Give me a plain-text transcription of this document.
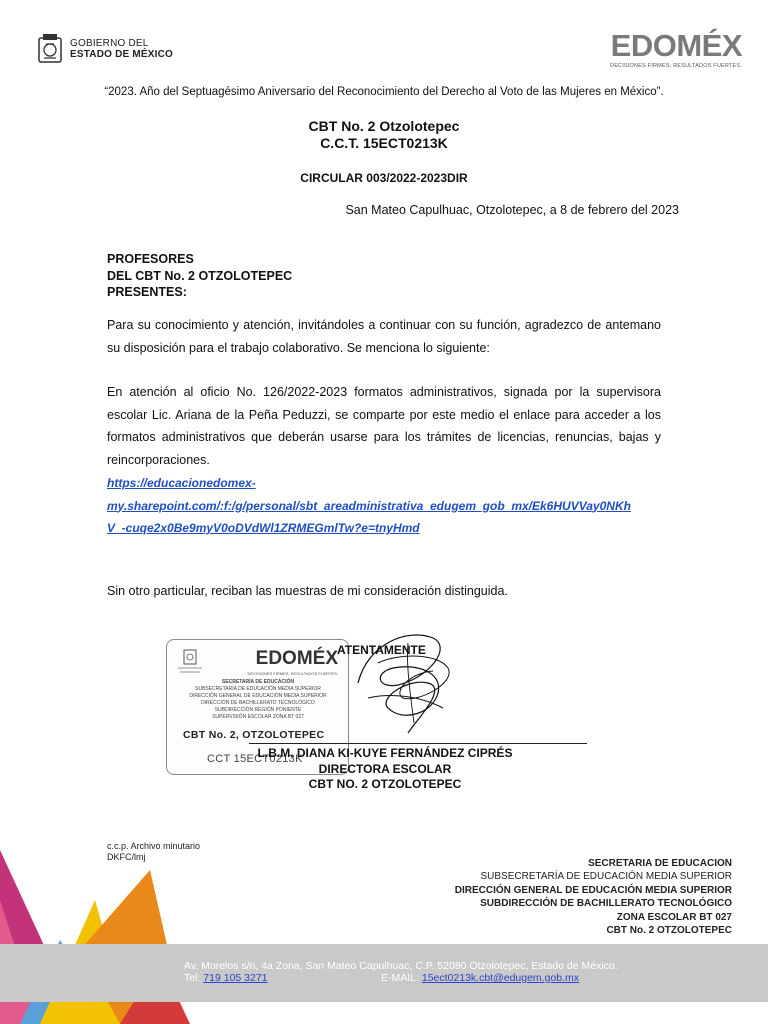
GOBIERNO DEL
ESTADO DE MÉXICO	EDOMÉX
DECISIONES FIRMES, RESULTADOS FUERTES.
“2023. Año del Septuagésimo Aniversario del Reconocimiento del Derecho al Voto de las Mujeres en México”.
CBT No. 2 Otzolotepec
C.C.T. 15ECT0213K
CIRCULAR 003/2022-2023DIR
San Mateo Capulhuac, Otzolotepec, a 8 de febrero del 2023
PROFESORES
DEL CBT No. 2 OTZOLOTEPEC
PRESENTES:
Para su conocimiento y atención, invitándoles a continuar con su función, agradezco de antemano su disposición para el trabajo colaborativo. Se menciona lo siguiente:
En atención al oficio No. 126/2022-2023 formatos administrativos, signada por la supervisora escolar Lic. Ariana de la Peña Peduzzi, se comparte por este medio el enlace para acceder a los formatos administrativos que deberán usarse para los trámites de licencias, renuncias, bajas y reincorporaciones.
https://educacionedomex-
my.sharepoint.com/:f:/g/personal/sbt_areadministrativa_edugem_gob_mx/Ek6HUVVay0NKh
V_-cuqe2x0Be9myV0oDVdWl1ZRMEGmlTw?e=tnyHmd
Sin otro particular, reciban las muestras de mi consideración distinguida.
EDOMÉX
DECISIONES FIRMES, RESULTADOS FUERTES.
SECRETARÍA DE EDUCACIÓN
SUBSECRETARÍA DE EDUCACIÓN MEDIA SUPERIOR
DIRECCIÓN GENERAL DE EDUCACIÓN MEDIA SUPERIOR
DIRECCIÓN DE BACHILLERATO TECNOLÓGICO
SUBDIRECCIÓN REGIÓN PONIENTE
SUPERVISIÓN ESCOLAR ZONA BT 027
CBT No. 2, OTZOLOTEPEC
CCT 15ECT0213K
ATENTAMENTE
L.B.M. DIANA KI-KUYE FERNÁNDEZ CIPRÉS
DIRECTORA ESCOLAR
CBT NO. 2 OTZOLOTEPEC
c.c.p. Archivo minutario
DKFC/lmj
SECRETARIA DE EDUCACION
SUBSECRETARÍA DE EDUCACIÓN MEDIA SUPERIOR
DIRECCIÓN GENERAL DE EDUCACIÓN MEDIA SUPERIOR
SUBDIRECCIÓN DE BACHILLERATO TECNOLÓGICO
ZONA ESCOLAR BT 027
CBT No. 2 OTZOLOTEPEC
Av. Morelos s/n, 4a Zona, San Mateo Capulhuac, C.P. 52080 Otzolotepec, Estado de México.
Tel: 719 105 3271	E-MAIL: 15ect0213k.cbt@edugem.gob.mx
